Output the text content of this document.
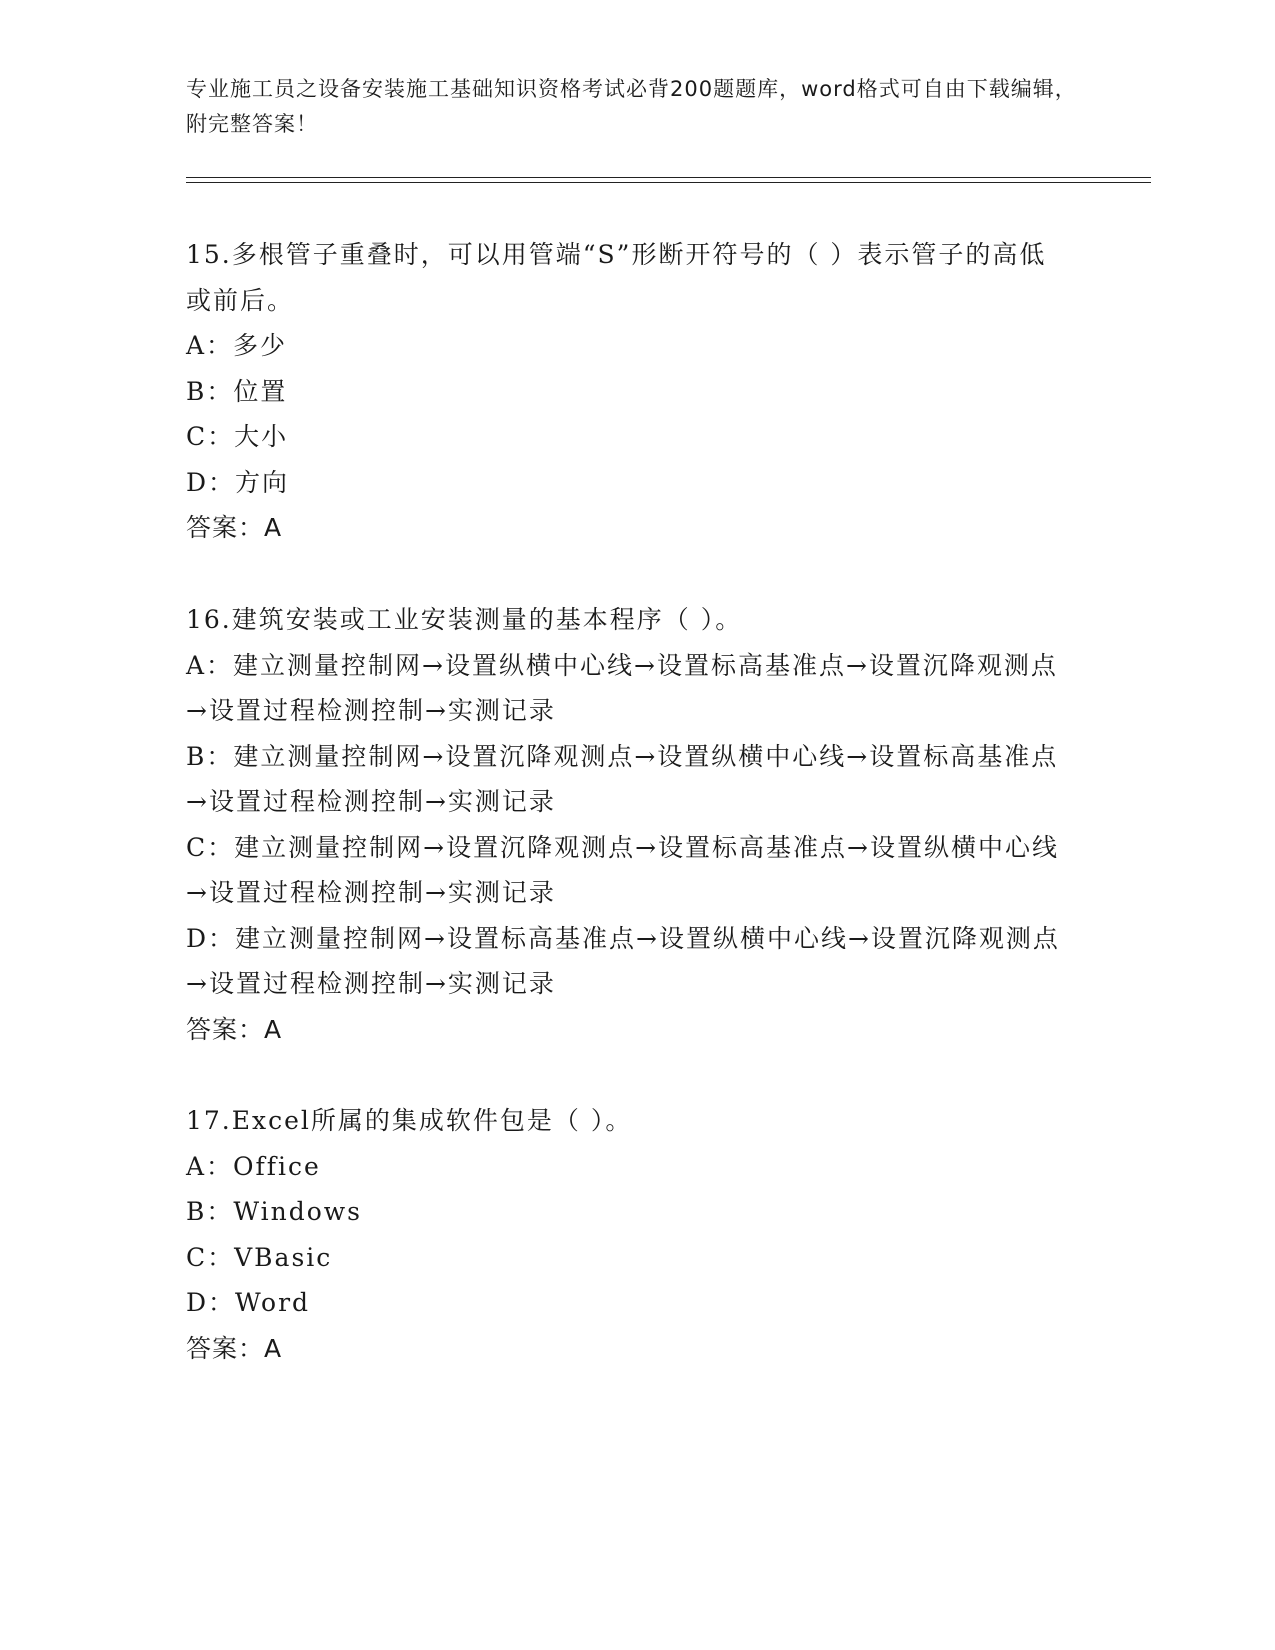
专业施工员之设备安装施工基础知识资格考试必背200题题库，word格式可自由下载编辑，附完整答案！

15.多根管子重叠时，可以用管端“S”形断开符号的（ ）表示管子的高低或前后。

A：多少

B：位置

C：大小

D：方向

答案：A

16.建筑安装或工业安装测量的基本程序（ ）。

A：建立测量控制网→设置纵横中心线→设置标高基准点→设置沉降观测点→设置过程检测控制→实测记录

B：建立测量控制网→设置沉降观测点→设置纵横中心线→设置标高基准点→设置过程检测控制→实测记录

C：建立测量控制网→设置沉降观测点→设置标高基准点→设置纵横中心线→设置过程检测控制→实测记录

D：建立测量控制网→设置标高基准点→设置纵横中心线→设置沉降观测点→设置过程检测控制→实测记录

答案：A

17.Excel所属的集成软件包是（ ）。

A：Office

B：Windows

C：VBasic

D：Word

答案：A
